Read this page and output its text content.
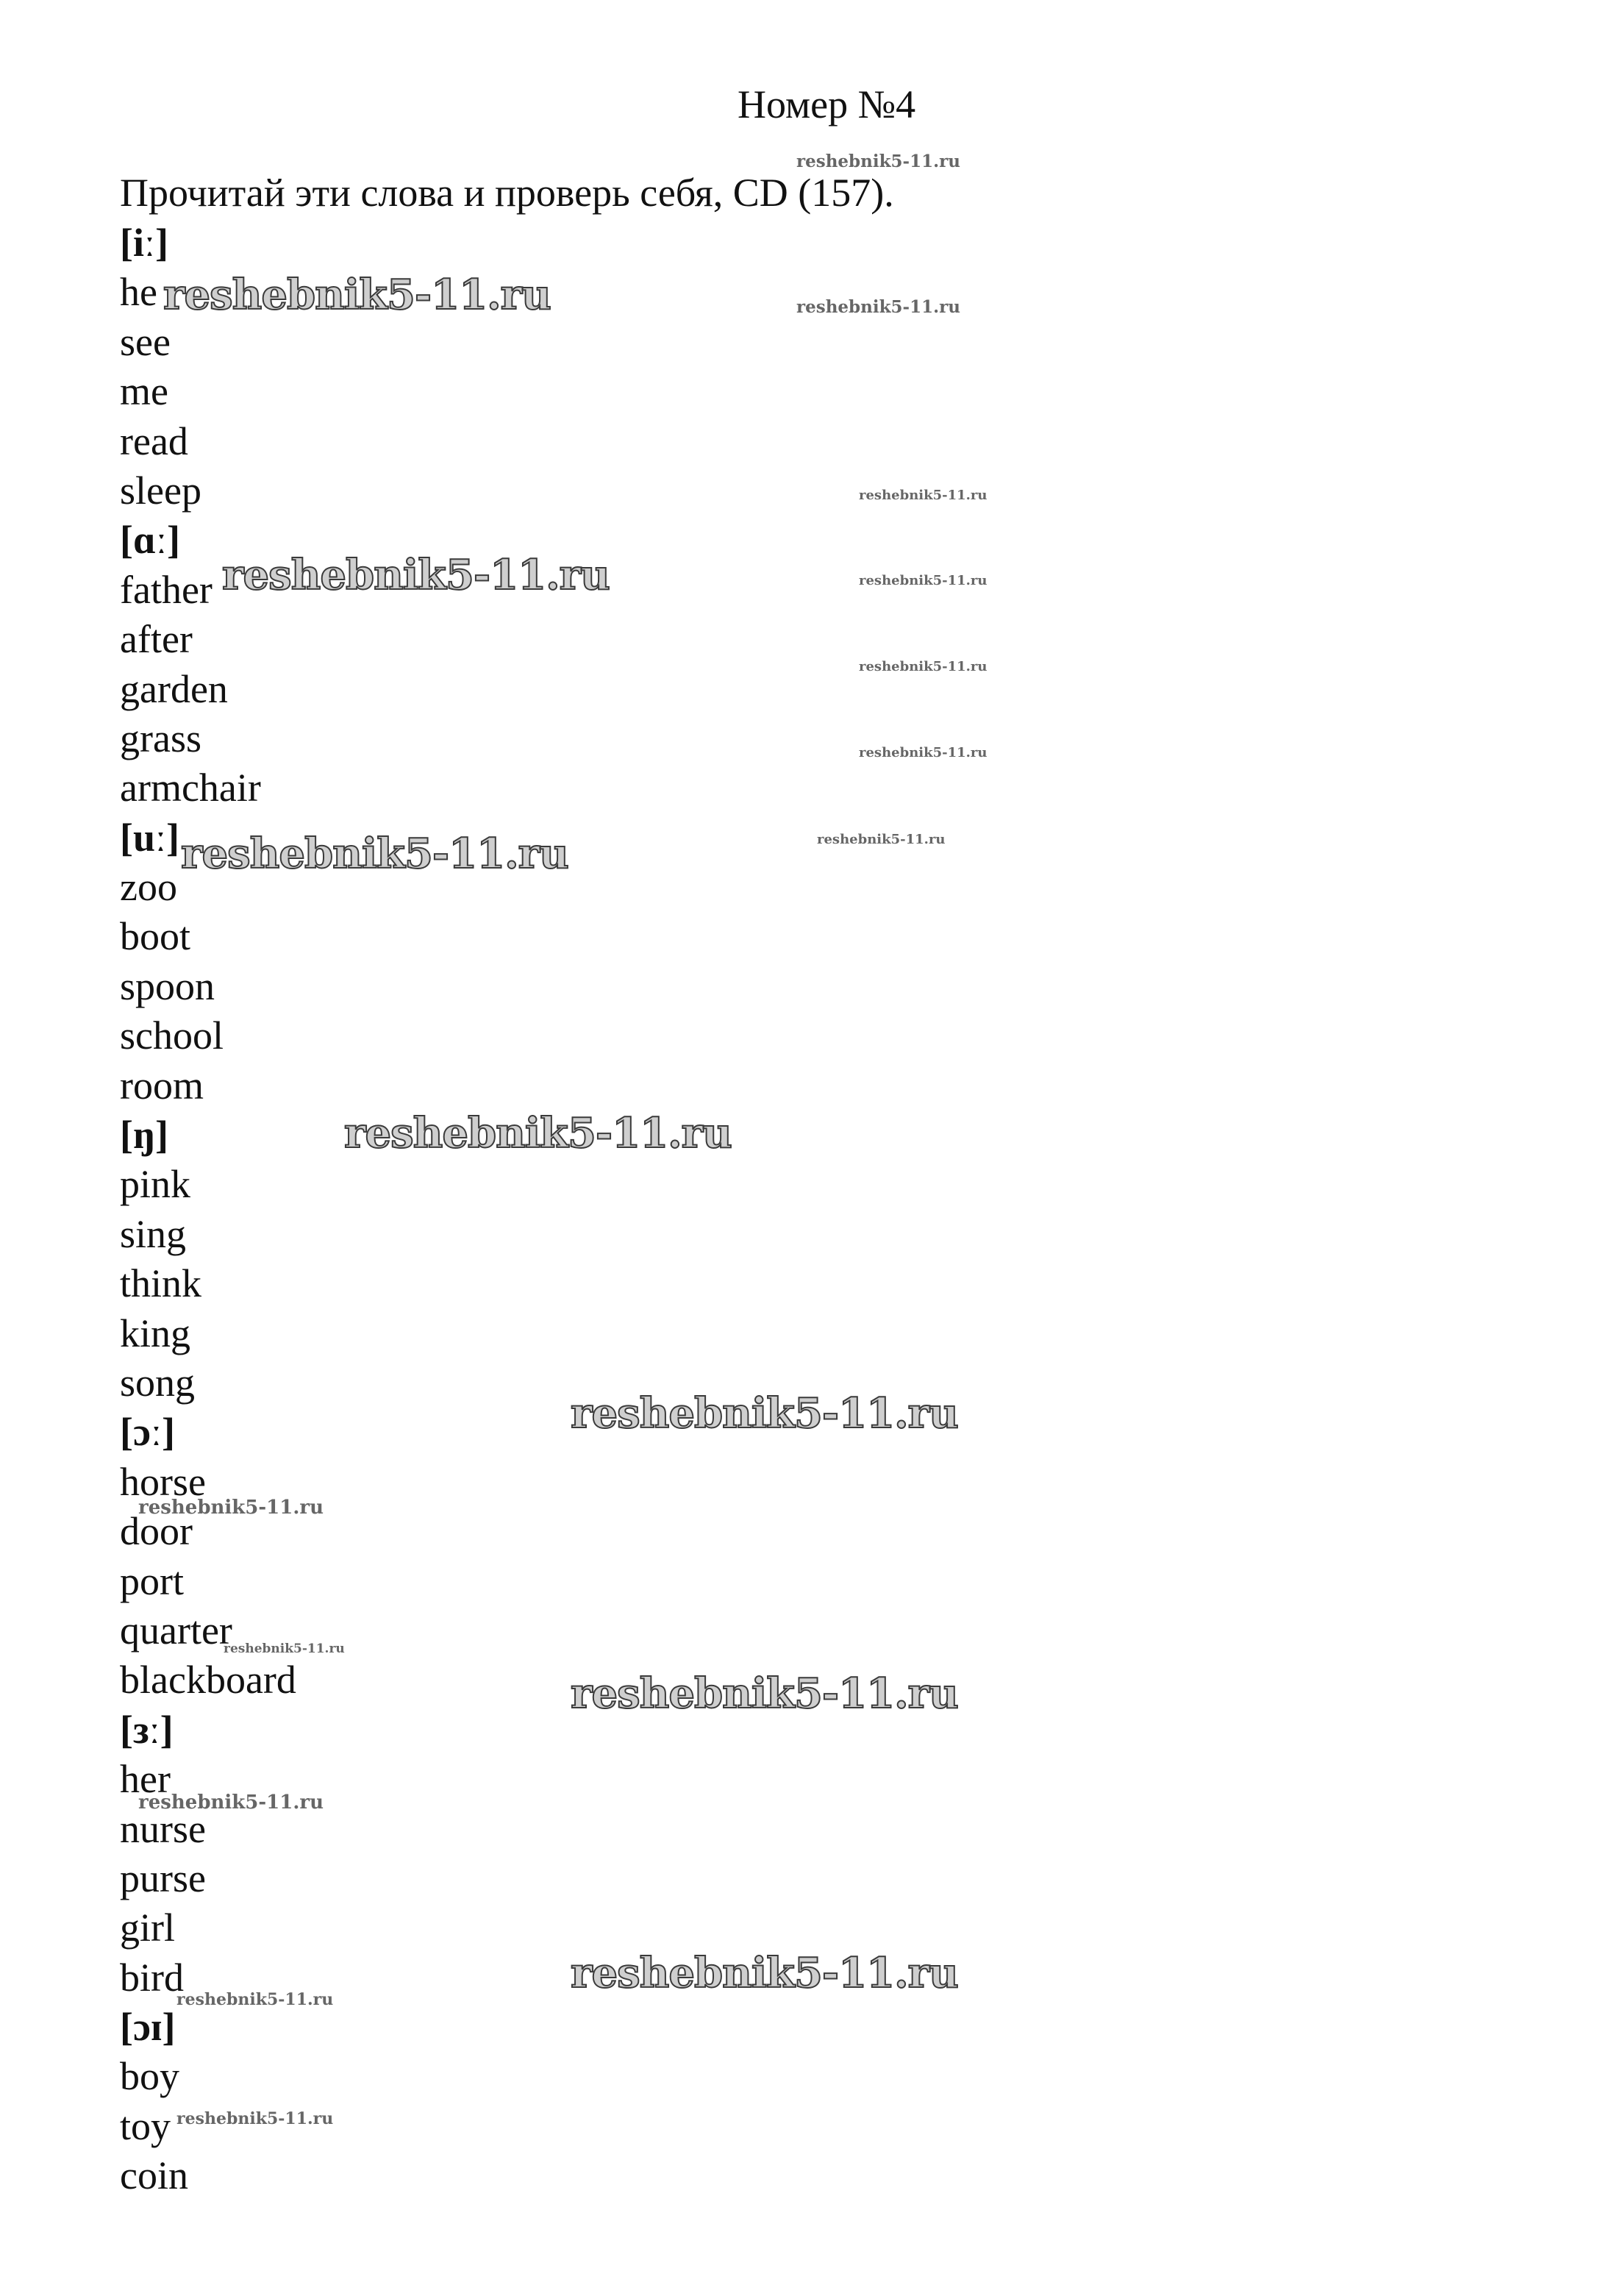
Номер №4
Прочитай эти слова и проверь себя, CD (157).
[iː]
he
see
me
read
sleep
[ɑː]
father
after
garden
grass
armchair
[uː]
zoo
boot
spoon
school
room
[ŋ]
pink
sing
think
king
song
[ɔː]
horse
door
port
quarter
blackboard
[зː]
her
nurse
purse
girl
bird
[ɔɪ]
boy
toy
coin
reshebnik5-11.ru
reshebnik5-11.ru
reshebnik5-11.ru
reshebnik5-11.ru
reshebnik5-11.ru
reshebnik5-11.ru
reshebnik5-11.ru
reshebnik5-11.ru
reshebnik5-11.ru
reshebnik5-11.ru
reshebnik5-11.ru
reshebnik5-11.ru
reshebnik5-11.ru
reshebnik5-11.ru
reshebnik5-11.ru
reshebnik5-11.ru
reshebnik5-11.ru
reshebnik5-11.ru
reshebnik5-11.ru
